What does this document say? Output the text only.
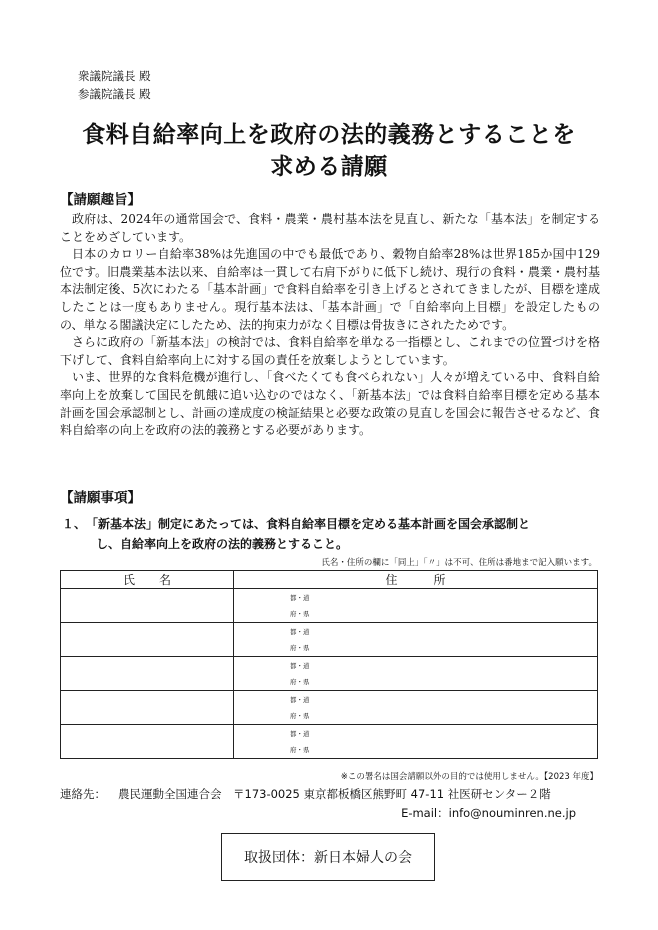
衆議院議長 殿
参議院議長 殿
食料自給率向上を政府の法的義務とすることを
求める請願
【請願趣旨】

政府は、2024年の通常国会で、食料・農業・農村基本法を見直し、新たな「基本法」を制定することをめざしています。

日本のカロリー自給率38%は先進国の中でも最低であり、穀物自給率28%は世界185か国中129位です。旧農業基本法以来、自給率は一貫して右肩下がりに低下し続け、現行の食料・農業・農村基本法制定後、5次にわたる「基本計画」で食料自給率を引き上げるとされてきましたが、目標を達成したことは一度もありません。現行基本法は、「基本計画」で「自給率向上目標」を設定したものの、単なる閣議決定にしたため、法的拘束力がなく目標は骨抜きにされたためです。

さらに政府の「新基本法」の検討では、食料自給率を単なる一指標とし、これまでの位置づけを格下げして、食料自給率向上に対する国の責任を放棄しようとしています。

いま、世界的な食料危機が進行し、「食べたくても食べられない」人々が増えている中、食料自給率向上を放棄して国民を飢餓に追い込むのではなく、「新基本法」では食料自給率目標を定める基本計画を国会承認制とし、計画の達成度の検証結果と必要な政策の見直しを国会に報告させるなど、食料自給率の向上を政府の法的義務とする必要があります。

【請願事項】
１、「新基本法」制定にあたっては、食料自給率目標を定める基本計画を国会承認制と
し、自給率向上を政府の法的義務とすること。
氏名・住所の欄に「同上」「〃」は不可、住所は番地まで記入願います。
氏　　名	住　　　所

	都・道
府・県

	都・道
府・県

	都・道
府・県

	都・道
府・県

	都・道
府・県
※この署名は国会請願以外の目的では使用しません。【2023 年度】
連絡先： 農民運動全国連合会　〒173-0025 東京都板橋区熊野町 47-11 社医研センター２階
E-mail：info@nouminren.ne.jp
取扱団体：新日本婦人の会
